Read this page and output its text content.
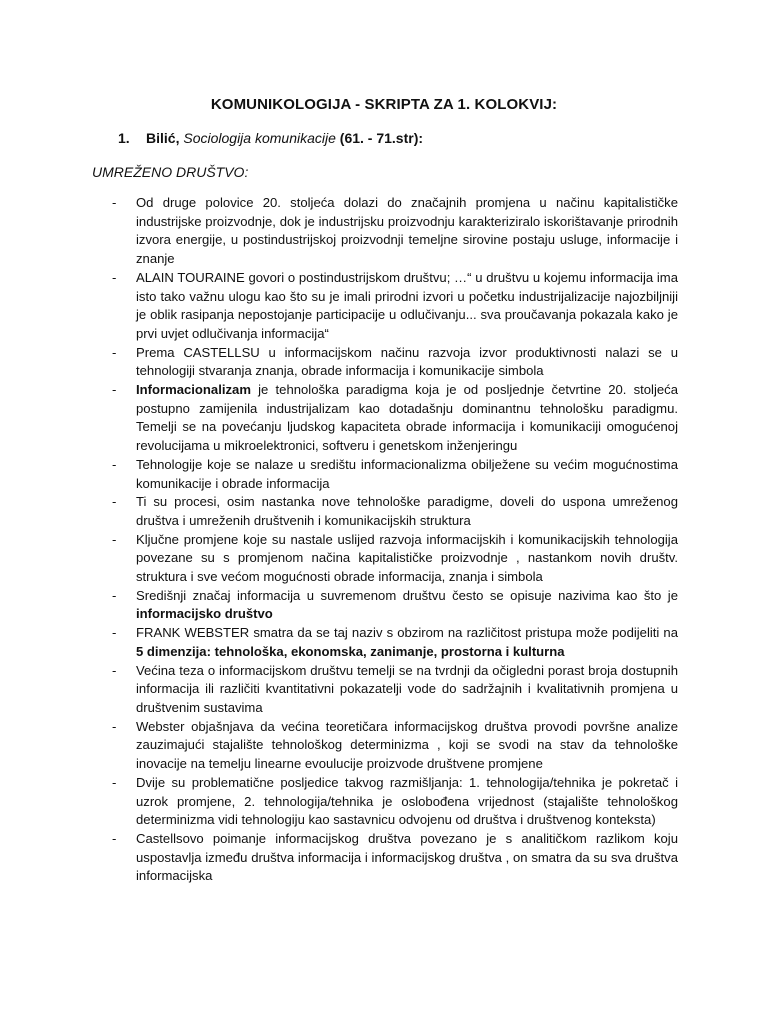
KOMUNIKOLOGIJA - SKRIPTA ZA 1. KOLOKVIJ:
1. Bilić, Sociologija komunikacije (61. - 71.str):
UMREŽENO DRUŠTVO:
- Od druge polovice 20. stoljeća dolazi do značajnih promjena u načinu kapitalističke industrijske proizvodnje, dok je industrijsku proizvodnju karakteriziralo iskorištavanje prirodnih izvora energije, u postindustrijskoj proizvodnji temeljne sirovine postaju usluge, informacije i znanje
- ALAIN TOURAINE govori o postindustrijskom društvu; …“ u društvu u kojemu informacija ima isto tako važnu ulogu kao što su je imali prirodni izvori u početku industrijalizacije najozbiljniji je oblik rasipanja nepostojanje participacije u odlučivanju... sva proučavanja pokazala kako je prvi uvjet odlučivanja informacija“
- Prema CASTELLSU u informacijskom načinu razvoja izvor produktivnosti nalazi se u tehnologiji stvaranja znanja, obrade informacija i komunikacije simbola
- Informacionalizam je tehnološka paradigma koja je od posljednje četvrtine 20. stoljeća postupno zamijenila industrijalizam kao dotadašnju dominantnu tehnološku paradigmu. Temelji se na povećanju ljudskog kapaciteta obrade informacija i komunikaciji omogućenoj revolucijama u mikroelektronici, softveru i genetskom inženjeringu
- Tehnologije koje se nalaze u središtu informacionalizma obilježene su većim mogućnostima komunikacije i obrade informacija
- Ti su procesi, osim nastanka nove tehnološke paradigme, doveli do uspona umreženog društva i umreženih društvenih i komunikacijskih struktura
- Ključne promjene koje su nastale uslijed razvoja informacijskih i komunikacijskih tehnologija povezane su s promjenom načina kapitalističke proizvodnje , nastankom novih društv. struktura i sve većom mogućnosti obrade informacija, znanja i simbola
- Središnji značaj informacija u suvremenom društvu često se opisuje nazivima kao što je informacijsko društvo
- FRANK WEBSTER smatra da se taj naziv s obzirom na različitost pristupa može podijeliti na 5 dimenzija: tehnološka, ekonomska, zanimanje, prostorna i kulturna
- Većina teza o informacijskom društvu temelji se na tvrdnji da očigledni porast broja dostupnih informacija ili različiti kvantitativni pokazatelji vode do sadržajnih i kvalitativnih promjena u društvenim sustavima
- Webster objašnjava da većina teoretičara informacijskog društva provodi površne analize zauzimajući stajalište tehnološkog determinizma , koji se svodi na stav da tehnološke inovacije na temelju linearne evoulucije proizvode društvene promjene
- Dvije su problematične posljedice takvog razmišljanja: 1. tehnologija/tehnika je pokretač i uzrok promjene, 2. tehnologija/tehnika je oslobođena vrijednost (stajalište tehnološkog determinizma vidi tehnologiju kao sastavnicu odvojenu od društva i društvenog konteksta)
- Castellsovo poimanje informacijskog društva povezano je s analitičkom razlikom koju uspostavlja između društva informacija i informacijskog društva , on smatra da su sva društva informacijska
